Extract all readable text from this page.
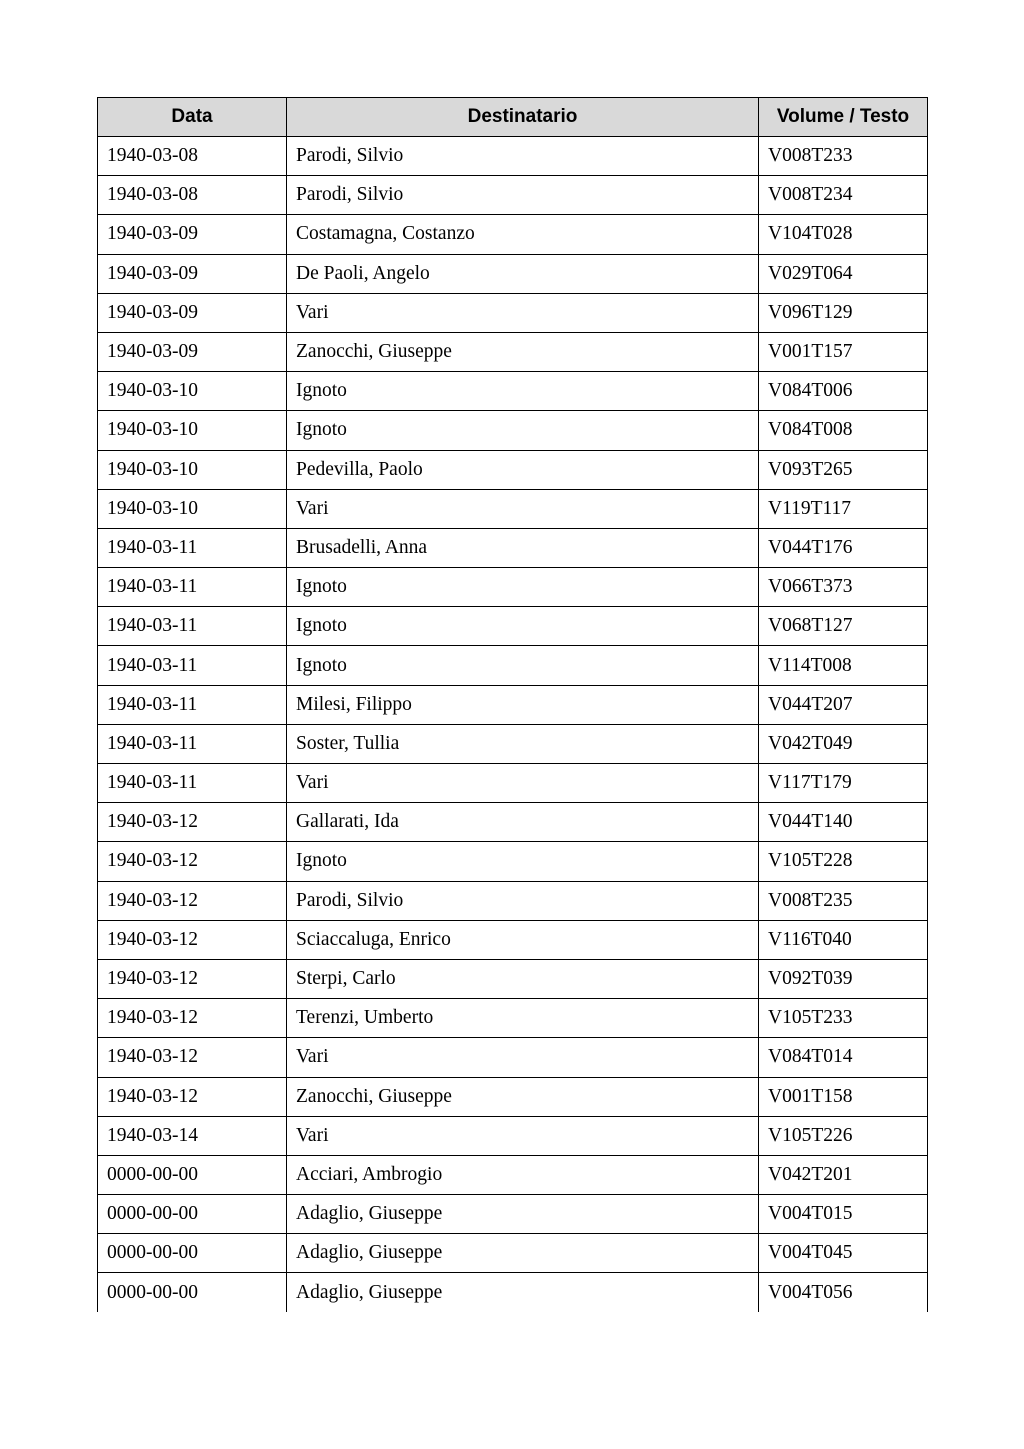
Data	Destinatario	Volume / Testo
1940-03-08	Parodi, Silvio	V008T233
1940-03-08	Parodi, Silvio	V008T234
1940-03-09	Costamagna, Costanzo	V104T028
1940-03-09	De Paoli, Angelo	V029T064
1940-03-09	Vari	V096T129
1940-03-09	Zanocchi, Giuseppe	V001T157
1940-03-10	Ignoto	V084T006
1940-03-10	Ignoto	V084T008
1940-03-10	Pedevilla, Paolo	V093T265
1940-03-10	Vari	V119T117
1940-03-11	Brusadelli, Anna	V044T176
1940-03-11	Ignoto	V066T373
1940-03-11	Ignoto	V068T127
1940-03-11	Ignoto	V114T008
1940-03-11	Milesi, Filippo	V044T207
1940-03-11	Soster, Tullia	V042T049
1940-03-11	Vari	V117T179
1940-03-12	Gallarati, Ida	V044T140
1940-03-12	Ignoto	V105T228
1940-03-12	Parodi, Silvio	V008T235
1940-03-12	Sciaccaluga, Enrico	V116T040
1940-03-12	Sterpi, Carlo	V092T039
1940-03-12	Terenzi, Umberto	V105T233
1940-03-12	Vari	V084T014
1940-03-12	Zanocchi, Giuseppe	V001T158
1940-03-14	Vari	V105T226
0000-00-00	Acciari, Ambrogio	V042T201
0000-00-00	Adaglio, Giuseppe	V004T015
0000-00-00	Adaglio, Giuseppe	V004T045
0000-00-00	Adaglio, Giuseppe	V004T056
